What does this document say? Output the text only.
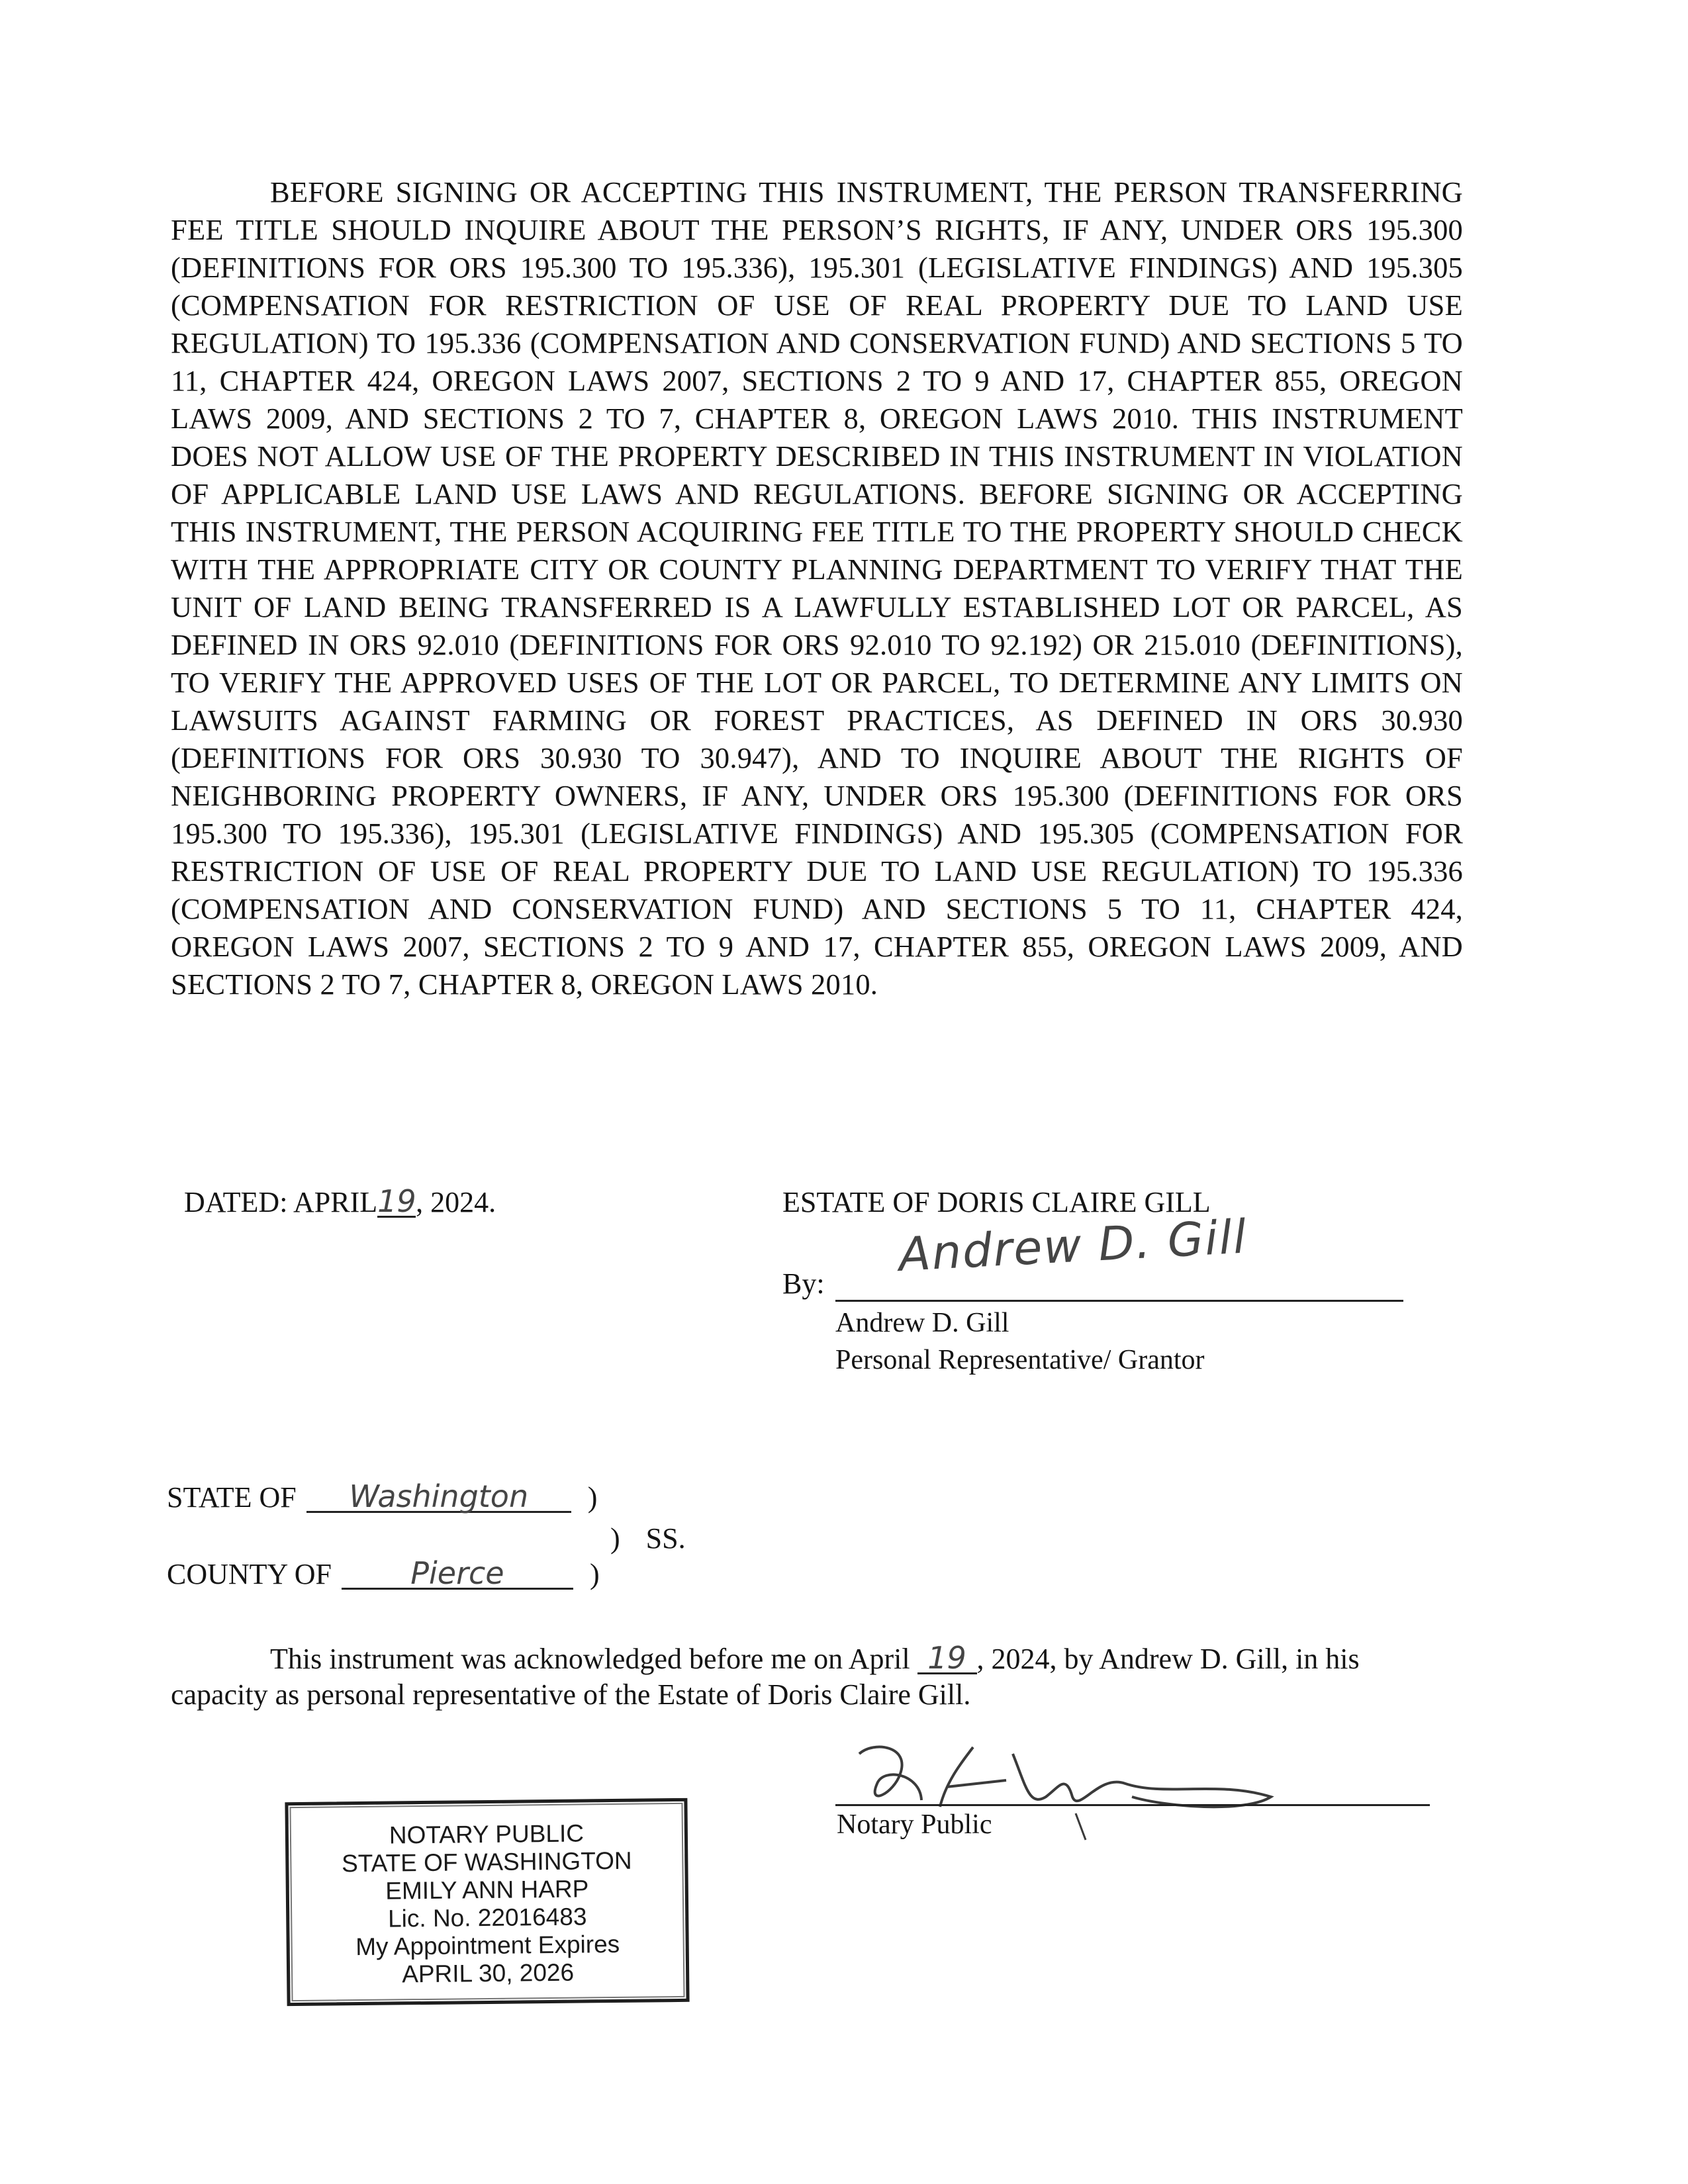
BEFORE SIGNING OR ACCEPTING THIS INSTRUMENT, THE PERSON TRANSFERRING FEE TITLE SHOULD INQUIRE ABOUT THE PERSON’S RIGHTS, IF ANY, UNDER ORS 195.300 (DEFINITIONS FOR ORS 195.300 TO 195.336), 195.301 (LEGISLATIVE FINDINGS) AND 195.305 (COMPENSATION FOR RESTRICTION OF USE OF REAL PROPERTY DUE TO LAND USE REGULATION) TO 195.336 (COMPENSATION AND CONSERVATION FUND) AND SECTIONS 5 TO 11, CHAPTER 424, OREGON LAWS 2007, SECTIONS 2 TO 9 AND 17, CHAPTER 855, OREGON LAWS 2009, AND SECTIONS 2 TO 7, CHAPTER 8, OREGON LAWS 2010. THIS INSTRUMENT DOES NOT ALLOW USE OF THE PROPERTY DESCRIBED IN THIS INSTRUMENT IN VIOLATION OF APPLICABLE LAND USE LAWS AND REGULATIONS. BEFORE SIGNING OR ACCEPTING THIS INSTRUMENT, THE PERSON ACQUIRING FEE TITLE TO THE PROPERTY SHOULD CHECK WITH THE APPROPRIATE CITY OR COUNTY PLANNING DEPARTMENT TO VERIFY THAT THE UNIT OF LAND BEING TRANSFERRED IS A LAWFULLY ESTABLISHED LOT OR PARCEL, AS DEFINED IN ORS 92.010 (DEFINITIONS FOR ORS 92.010 TO 92.192) OR 215.010 (DEFINITIONS), TO VERIFY THE APPROVED USES OF THE LOT OR PARCEL, TO DETERMINE ANY LIMITS ON LAWSUITS AGAINST FARMING OR FOREST PRACTICES, AS DEFINED IN ORS 30.930 (DEFINITIONS FOR ORS 30.930 TO 30.947), AND TO INQUIRE ABOUT THE RIGHTS OF NEIGHBORING PROPERTY OWNERS, IF ANY, UNDER ORS 195.300 (DEFINITIONS FOR ORS 195.300 TO 195.336), 195.301 (LEGISLATIVE FINDINGS) AND 195.305 (COMPENSATION FOR RESTRICTION OF USE OF REAL PROPERTY DUE TO LAND USE REGULATION) TO 195.336 (COMPENSATION AND CONSERVATION FUND) AND SECTIONS 5 TO 11, CHAPTER 424, OREGON LAWS 2007, SECTIONS 2 TO 9 AND 17, CHAPTER 855, OREGON LAWS 2009, AND SECTIONS 2 TO 7, CHAPTER 8, OREGON LAWS 2010.

DATED: APRIL19, 2024.	ESTATE OF DORIS CLAIRE GILL
By:
Andrew D. Gill
Andrew D. Gill
Personal Representative/ Grantor
STATE OF Washington )
) SS.
COUNTY OF	Pierce	)

This instrument was acknowledged before me on April 19 , 2024, by Andrew D. Gill, in his capacity as personal representative of the Estate of Doris Claire Gill.

Notary Public
NOTARY PUBLIC
STATE OF WASHINGTON
EMILY ANN HARP
Lic. No. 22016483
My Appointment Expires
APRIL 30, 2026
